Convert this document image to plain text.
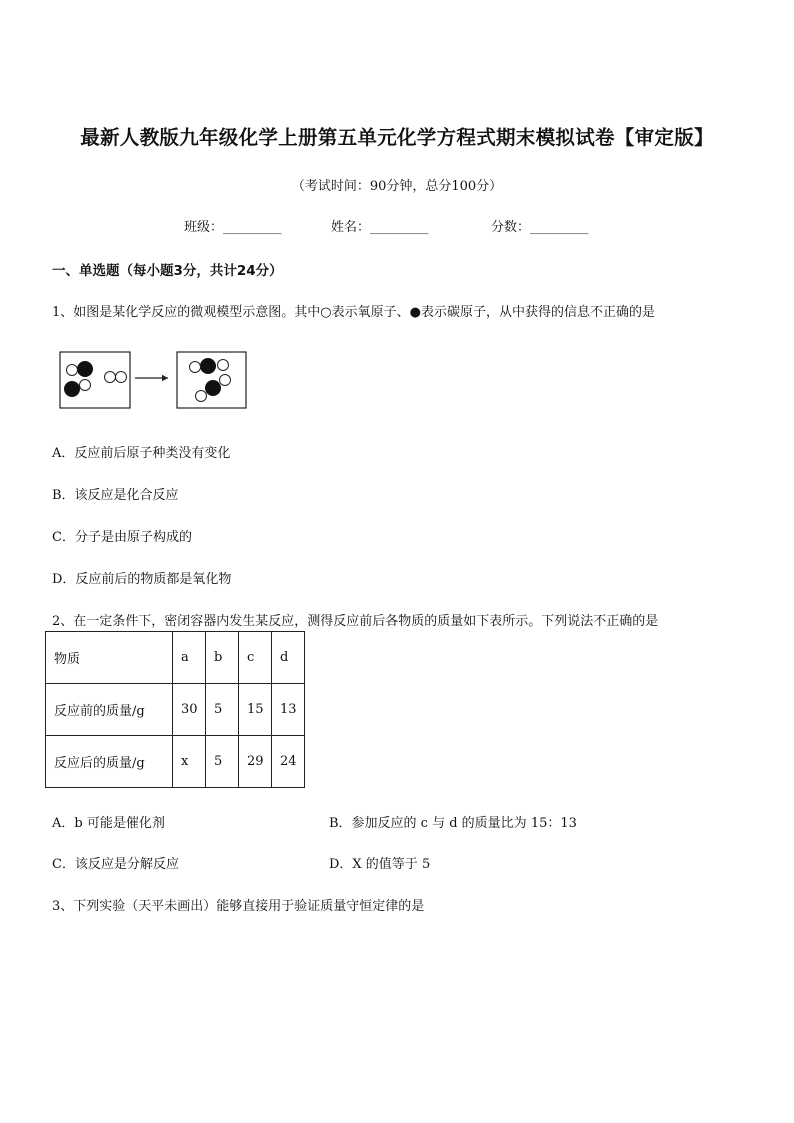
最新人教版九年级化学上册第五单元化学方程式期末模拟试卷【审定版】
（考试时间：90分钟，总分100分）
班级：_________	姓名：_________	分数：_________
一、单选题（每小题3分，共计24分）
1、如图是某化学反应的微观模型示意图。其中○表示氧原子、●表示碳原子，从中获得的信息不正确的是
A．反应前后原子种类没有变化
B．该反应是化合反应
C．分子是由原子构成的
D．反应前后的物质都是氧化物
2、在一定条件下，密闭容器内发生某反应，测得反应前后各物质的质量如下表所示。下列说法不正确的是
物质	a	b	c	d
反应前的质量/g	30	5	15	13
反应后的质量/g	x	5	29	24
A．b 可能是催化剂	B．参加反应的 c 与 d 的质量比为 15：13
C．该反应是分解反应	D．X 的值等于 5
3、下列实验（天平未画出）能够直接用于验证质量守恒定律的是
